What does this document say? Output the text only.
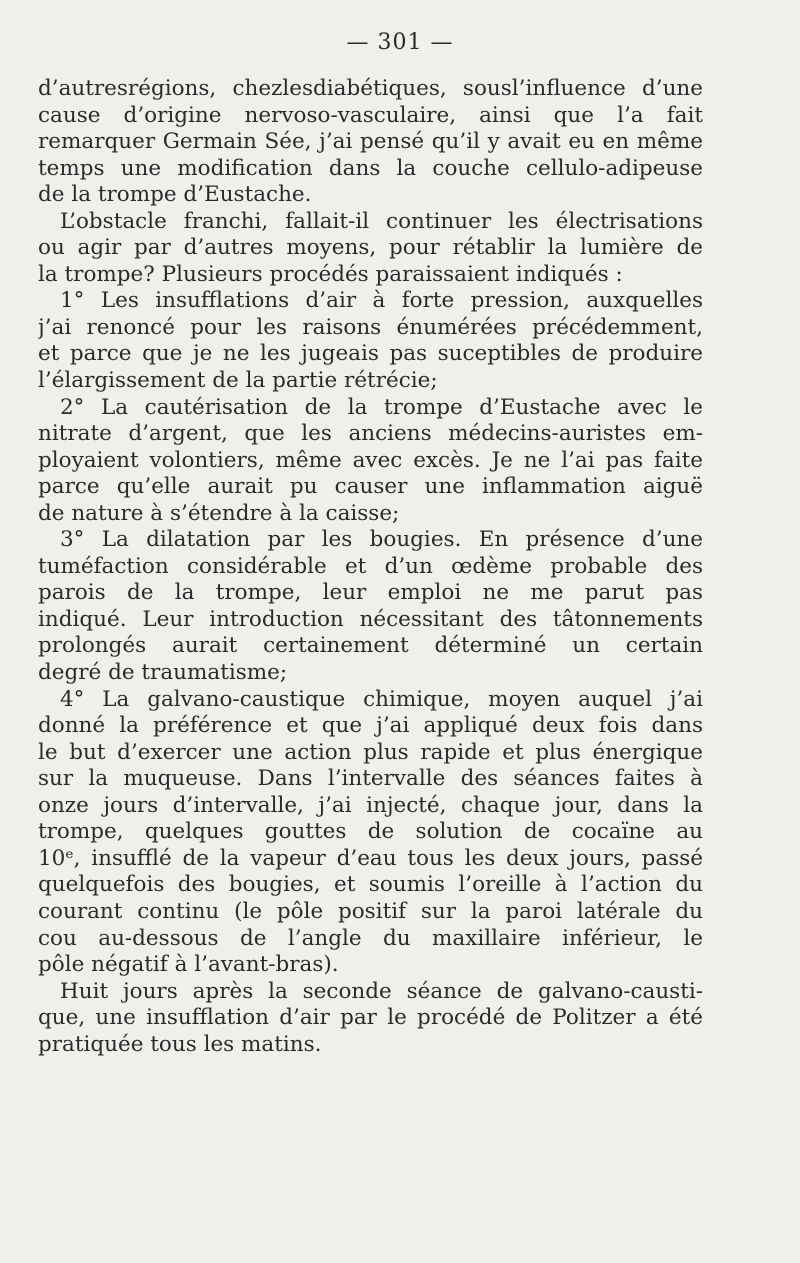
— 301 —
d’autresrégions, chezlesdiabétiques, sousl’influence d’une
cause d’origine nervoso-vasculaire, ainsi que l’a fait
remarquer Germain Sée, j’ai pensé qu’il y avait eu en même
temps une modification dans la couche cellulo-adipeuse
de la trompe d’Eustache.
L’obstacle franchi, fallait-il continuer les électrisations
ou agir par d’autres moyens, pour rétablir la lumière de
la trompe? Plusieurs procédés paraissaient indiqués :
1° Les insufflations d’air à forte pression, auxquelles
j’ai renoncé pour les raisons énumérées précédemment,
et parce que je ne les jugeais pas suceptibles de produire
l’élargissement de la partie rétrécie;
2° La cautérisation de la trompe d’Eustache avec le
nitrate d’argent, que les anciens médecins-auristes em-
ployaient volontiers, même avec excès. Je ne l’ai pas faite
parce qu’elle aurait pu causer une inflammation aiguë
de nature à s’étendre à la caisse;
3° La dilatation par les bougies. En présence d’une
tuméfaction considérable et d’un œdème probable des
parois de la trompe, leur emploi ne me parut pas
indiqué. Leur introduction nécessitant des tâtonnements
prolongés aurait certainement déterminé un certain
degré de traumatisme;
4° La galvano-caustique chimique, moyen auquel j’ai
donné la préférence et que j’ai appliqué deux fois dans
le but d’exercer une action plus rapide et plus énergique
sur la muqueuse. Dans l’intervalle des séances faites à
onze jours d’intervalle, j’ai injecté, chaque jour, dans la
trompe, quelques gouttes de solution de cocaïne au
10ᵉ, insufflé de la vapeur d’eau tous les deux jours, passé
quelquefois des bougies, et soumis l’oreille à l’action du
courant continu (le pôle positif sur la paroi latérale du
cou au-dessous de l’angle du maxillaire inférieur, le
pôle négatif à l’avant-bras).
Huit jours après la seconde séance de galvano-causti-
que, une insufflation d’air par le procédé de Politzer a été
pratiquée tous les matins.
